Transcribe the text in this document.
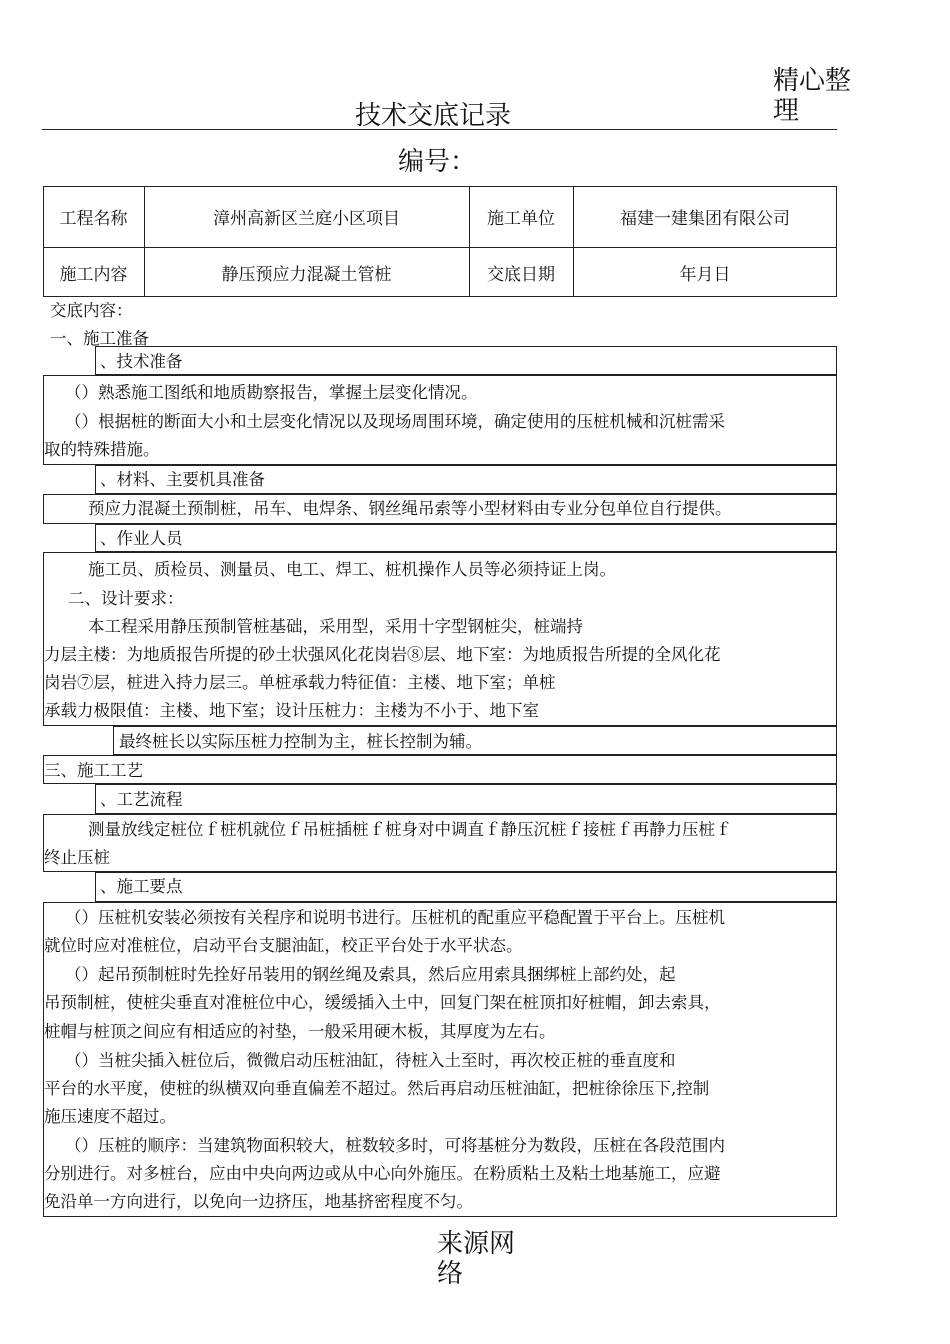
精心整
理
技术交底记录
编号：
工程名称	漳州高新区兰庭小区项目	施工单位	福建一建集团有限公司
施工内容	静压预应力混凝土管桩	交底日期	年月日
交底内容：
一、施工准备
、技术准备
（）熟悉施工图纸和地质勘察报告，掌握土层变化情况。
（）根据桩的断面大小和土层变化情况以及现场周围环境，确定使用的压桩机械和沉桩需采
取的特殊措施。
、材料、主要机具准备
预应力混凝土预制桩，吊车、电焊条、钢丝绳吊索等小型材料由专业分包单位自行提供。
、作业人员
施工员、质检员、测量员、电工、焊工、桩机操作人员等必须持证上岗。
二、设计要求：
本工程采用静压预制管桩基础，采用型，采用十字型钢桩尖，桩端持
力层主楼：为地质报告所提的砂土状强风化花岗岩⑧层、地下室：为地质报告所提的全风化花
岗岩⑦层，桩进入持力层三。单桩承载力特征值：主楼、地下室；单桩
承载力极限值：主楼、地下室；设计压桩力：主楼为不小于、地下室
最终桩长以实际压桩力控制为主，桩长控制为辅。
三、施工工艺
、工艺流程
测量放线定桩位ｆ桩机就位ｆ吊桩插桩ｆ桩身对中调直ｆ静压沉桩ｆ接桩ｆ再静力压桩ｆ
终止压桩
、施工要点
（）压桩机安装必须按有关程序和说明书进行。压桩机的配重应平稳配置于平台上。压桩机
就位时应对准桩位，启动平台支腿油缸，校正平台处于水平状态。
（）起吊预制桩时先拴好吊装用的钢丝绳及索具，然后应用索具捆绑桩上部约处，起
吊预制桩，使桩尖垂直对准桩位中心，缓缓插入土中，回复门架在桩顶扣好桩帽，卸去索具，
桩帽与桩顶之间应有相适应的衬垫，一般采用硬木板，其厚度为左右。
（）当桩尖插入桩位后，微微启动压桩油缸，待桩入土至时，再次校正桩的垂直度和
平台的水平度，使桩的纵横双向垂直偏差不超过。然后再启动压桩油缸，把桩徐徐压下,控制
施压速度不超过。
（）压桩的顺序：当建筑物面积较大，桩数较多时，可将基桩分为数段，压桩在各段范围内
分别进行。对多桩台，应由中央向两边或从中心向外施压。在粉质粘土及粘土地基施工，应避
免沿单一方向进行，以免向一边挤压，地基挤密程度不匀。
来源网
络
